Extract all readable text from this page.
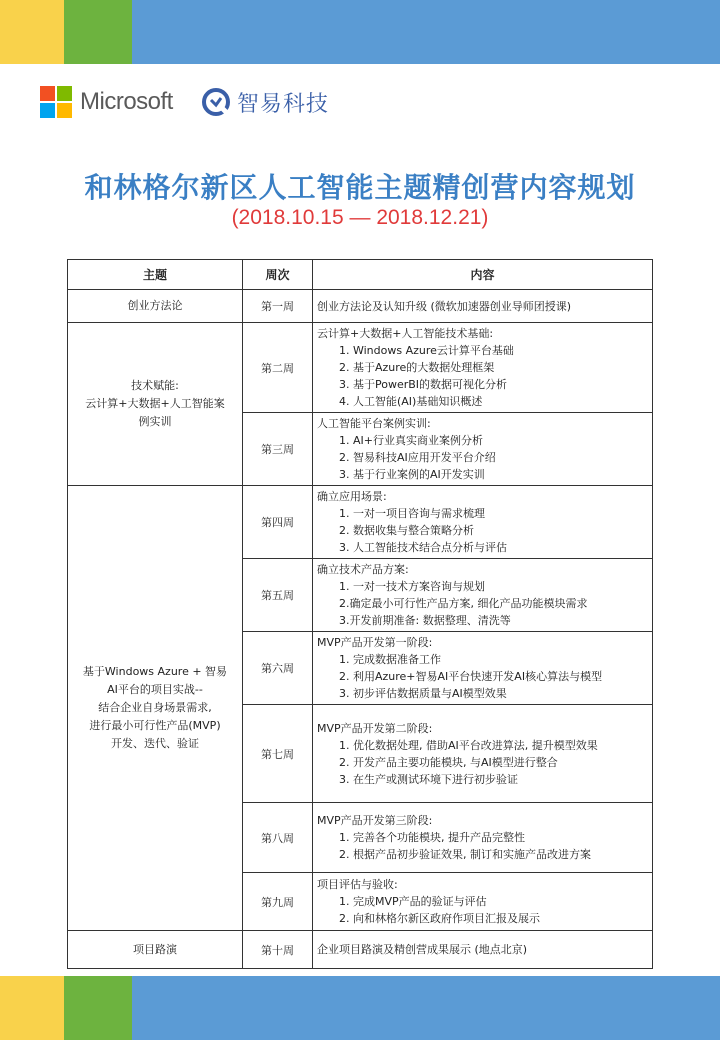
Microsoft	智易科技
和林格尔新区人工智能主题精创营内容规划
(2018.10.15 — 2018.12.21)
主题	周次	内容
创业方法论	第一周	创业方法论及认知升级 (微软加速器创业导师团授课)

技术赋能:
云计算+大数据+人工智能案
例实训	第二周	云计算+大数据+人工智能技术基础:
1. Windows Azure云计算平台基础
2. 基于Azure的大数据处理框架
3. 基于PowerBI的数据可视化分析
4. 人工智能(AI)基础知识概述

	第三周	人工智能平台案例实训:
1. AI+行业真实商业案例分析
2. 智易科技AI应用开发平台介绍
3. 基于行业案例的AI开发实训

基于Windows Azure + 智易
AI平台的项目实战--
结合企业自身场景需求,
进行最小可行性产品(MVP)
开发、迭代、验证	第四周	确立应用场景:
1. 一对一项目咨询与需求梳理
2. 数据收集与整合策略分析
3. 人工智能技术结合点分析与评估

	第五周	确立技术产品方案:
1. 一对一技术方案咨询与规划
2.确定最小可行性产品方案, 细化产品功能模块需求
3.开发前期准备: 数据整理、清洗等

	第六周	MVP产品开发第一阶段:
1. 完成数据准备工作
2. 利用Azure+智易AI平台快速开发AI核心算法与模型
3. 初步评估数据质量与AI模型效果

	第七周	MVP产品开发第二阶段:
1. 优化数据处理, 借助AI平台改进算法, 提升模型效果
2. 开发产品主要功能模块, 与AI模型进行整合
3. 在生产或测试环境下进行初步验证

	第八周	MVP产品开发第三阶段:
1. 完善各个功能模块, 提升产品完整性
2. 根据产品初步验证效果, 制订和实施产品改进方案

	第九周	项目评估与验收:
1. 完成MVP产品的验证与评估
2. 向和林格尔新区政府作项目汇报及展示

项目路演	第十周	企业项目路演及精创营成果展示 (地点北京)
